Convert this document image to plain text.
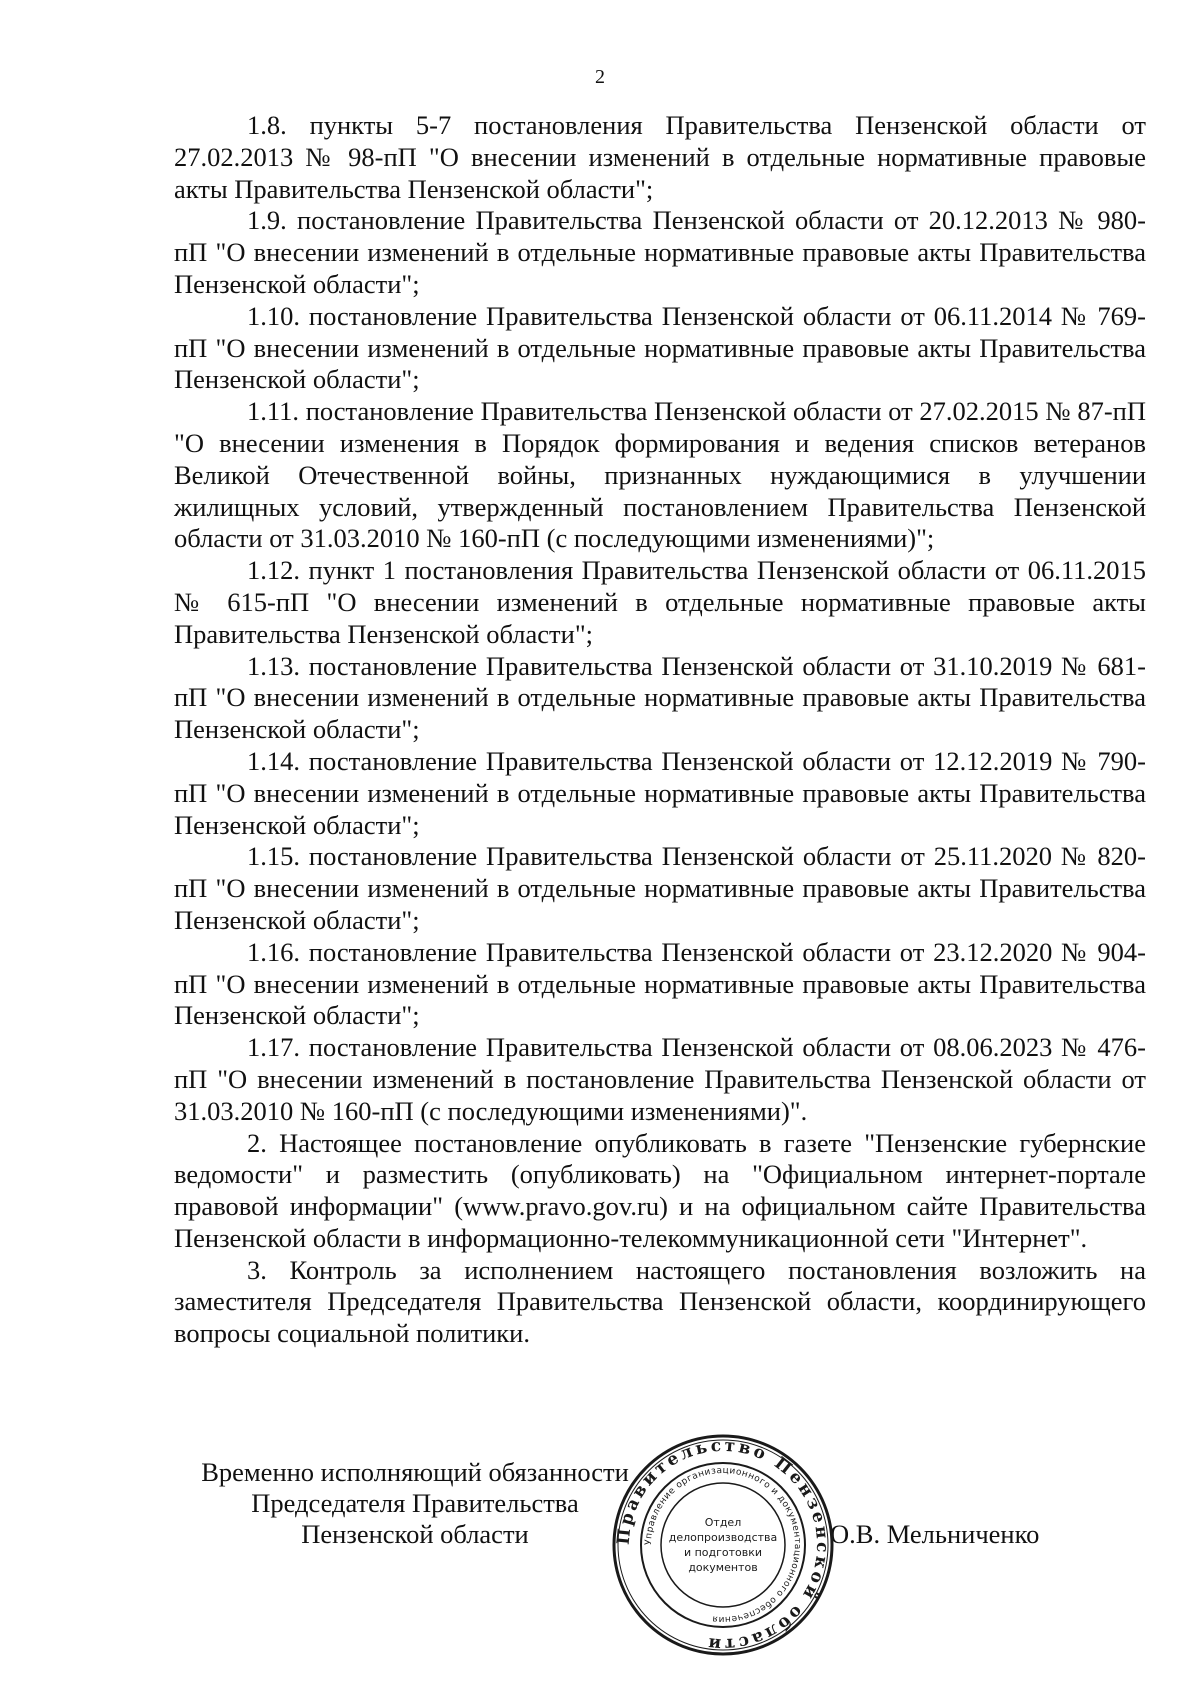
2

1.8. пункты 5-7 постановления Правительства Пензенской области от 27.02.2013 № 98-пП "О внесении изменений в отдельные нормативные правовые акты Правительства Пензенской области";

1.9. постановление Правительства Пензенской области от 20.12.2013 № 980-пП "О внесении изменений в отдельные нормативные правовые акты Правительства Пензенской области";

1.10. постановление Правительства Пензенской области от 06.11.2014 № 769-пП "О внесении изменений в отдельные нормативные правовые акты Правительства Пензенской области";

1.11. постановление Правительства Пензенской области от 27.02.2015 № 87-пП "О внесении изменения в Порядок формирования и ведения списков ветеранов Великой Отечественной войны, признанных нуждающимися в улучшении жилищных условий, утвержденный постановлением Правительства Пензенской области от 31.03.2010 № 160-пП (с последующими изменениями)";

1.12. пункт 1 постановления Правительства Пензенской области от 06.11.2015 № 615-пП "О внесении изменений в отдельные нормативные правовые акты Правительства Пензенской области";

1.13. постановление Правительства Пензенской области от 31.10.2019 № 681-пП "О внесении изменений в отдельные нормативные правовые акты Правительства Пензенской области";

1.14. постановление Правительства Пензенской области от 12.12.2019 № 790-пП "О внесении изменений в отдельные нормативные правовые акты Правительства Пензенской области";

1.15. постановление Правительства Пензенской области от 25.11.2020 № 820-пП "О внесении изменений в отдельные нормативные правовые акты Правительства Пензенской области";

1.16. постановление Правительства Пензенской области от 23.12.2020 № 904-пП "О внесении изменений в отдельные нормативные правовые акты Правительства Пензенской области";

1.17. постановление Правительства Пензенской области от 08.06.2023 № 476-пП "О внесении изменений в постановление Правительства Пензенской области от 31.03.2010 № 160-пП (с последующими изменениями)".

2. Настоящее постановление опубликовать в газете "Пензенские губернские ведомости" и разместить (опубликовать) на "Официальном интернет-портале правовой информации" (www.pravo.gov.ru) и на официальном сайте Правительства Пензенской области в информационно-телекоммуникационной сети "Интернет".

3. Контроль за исполнением настоящего постановления возложить на заместителя Председателя Правительства Пензенской области, координирующего вопросы социальной политики.

Временно исполняющий обязанности
Председателя Правительства
Пензенской области	О.В. Мельниченко
Правительство Пензенской области
Управление организационного и документационного обеспечения
Отдел
делопроизводства
и подготовки
документов
